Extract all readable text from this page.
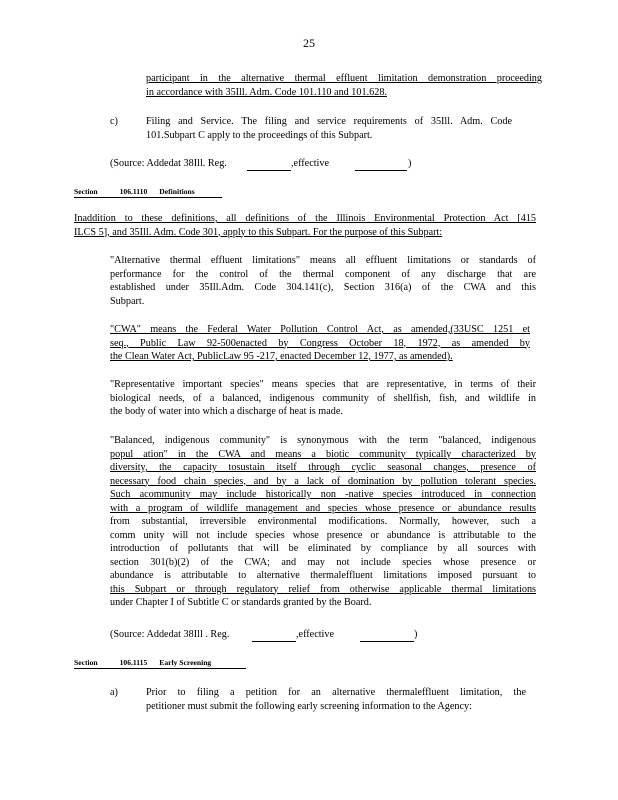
25
participant in the alternative thermal effluent limitation demonstration proceeding
in accordance with 35Ill. Adm. Code 101.110 and 101.628.
c)	Filing and Service. The filing and service requirements of 35Ill. Adm. Code
101.Subpart C apply to the proceedings of this Subpart.
(Source: Addedat 38Ill. Reg.	,effective	)
Section	106.1110 Definitions
Inaddition to these definitions, all definitions of the Illinois Environmental Protection Act [415
ILCS 5], and 35Ill. Adm. Code 301, apply to this Subpart. For the purpose of this Subpart:
"Alternative thermal effluent limitations" means all effluent limitations or standards of
performance for the control of the thermal component of any discharge that are
established under 35Ill.Adm. Code 304.141(c), Section 316(a) of the CWA and this
Subpart.
"CWA" means the Federal Water Pollution Control Act, as amended,(33USC 1251 et
seq., Public Law 92-500enacted by Congress October 18, 1972, as amended by
the Clean Water Act, PublicLaw 95 -217, enacted December 12, 1977, as amended).
"Representative important species" means species that are representative, in terms of their
biological needs, of a balanced, indigenous community of shellfish, fish, and wildlife in
the body of water into which a discharge of heat is made.
"Balanced, indigenous community" is synonymous with the term "balanced, indigenous
popul ation" in the CWA and means a biotic community typically characterized by
diversity, the capacity tosustain itself through cyclic seasonal changes, presence of
necessary food chain species, and by a lack of domination by pollution tolerant species.
Such acommunity may include historically non -native species introduced in connection
with a program of wildlife management and species whose presence or abundance results
from substantial, irreversible environmental modifications. Normally, however, such a
comm unity will not include species whose presence or abundance is attributable to the
introduction of pollutants that will be eliminated by compliance by all sources with
section 301(b)(2) of the CWA; and may not include species whose presence or
abundance is attributable to alternative thermaleffluent limitations imposed pursuant to
this Subpart or through regulatory relief from otherwise applicable thermal limitations
under Chapter I of Subtitle C or standards granted by the Board.
(Source: Addedat 38Ill . Reg.	,effective	)
Section	106.1115 Early Screening
a)	Prior to filing a petition for an alternative thermaleffluent limitation, the
petitioner must submit the following early screening information to the Agency:
